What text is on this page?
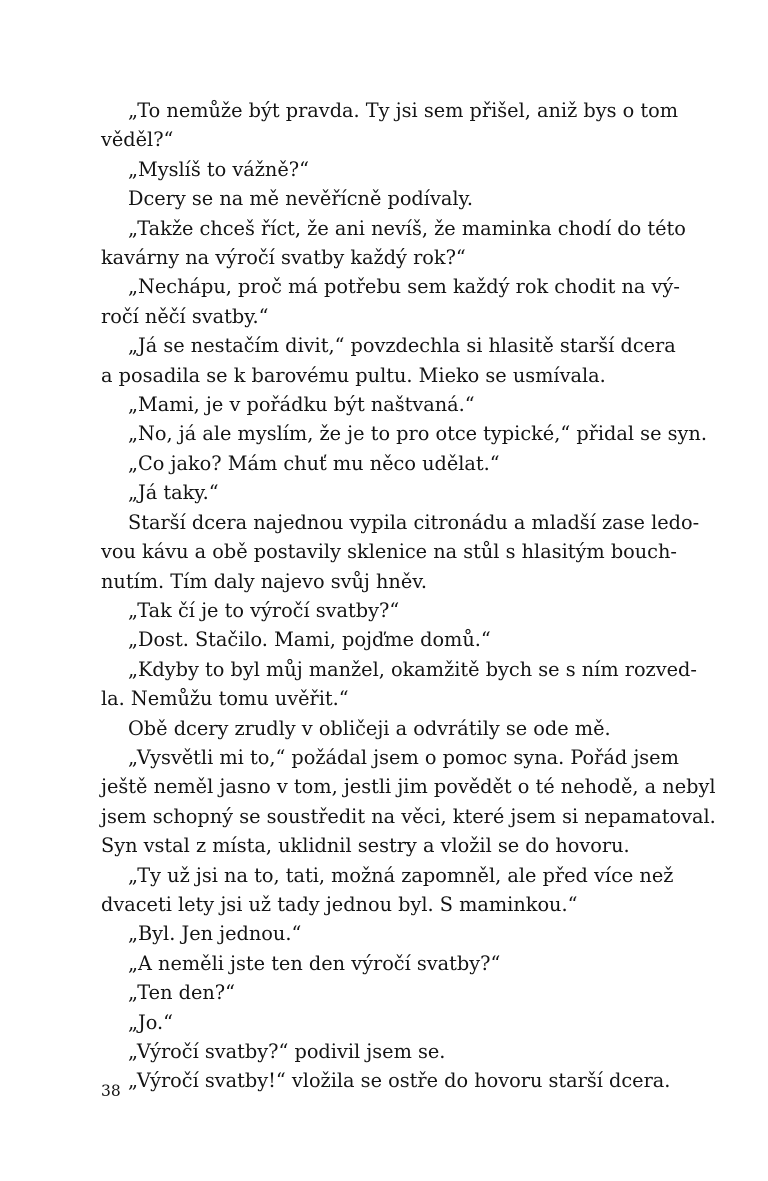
„To nemůže být pravda. Ty jsi sem přišel, aniž bys o tom
věděl?“
„Myslíš to vážně?“
Dcery se na mě nevěřícně podívaly.
„Takže chceš říct, že ani nevíš, že maminka chodí do této
kavárny na výročí svatby každý rok?“
„Nechápu, proč má potřebu sem každý rok chodit na vý-
ročí něčí svatby.“
„Já se nestačím divit,“ povzdechla si hlasitě starší dcera
a posadila se k barovému pultu. Mieko se usmívala.
„Mami, je v pořádku být naštvaná.“
„No, já ale myslím, že je to pro otce typické,“ přidal se syn.
„Co jako? Mám chuť mu něco udělat.“
„Já taky.“
Starší dcera najednou vypila citronádu a mladší zase ledo-
vou kávu a obě postavily sklenice na stůl s hlasitým bouch-
nutím. Tím daly najevo svůj hněv.
„Tak čí je to výročí svatby?“
„Dost. Stačilo. Mami, pojďme domů.“
„Kdyby to byl můj manžel, okamžitě bych se s ním rozved-
la. Nemůžu tomu uvěřit.“
Obě dcery zrudly v obličeji a odvrátily se ode mě.
„Vysvětli mi to,“ požádal jsem o pomoc syna. Pořád jsem
ještě neměl jasno v tom, jestli jim povědět o té nehodě, a nebyl
jsem schopný se soustředit na věci, které jsem si nepamatoval.
Syn vstal z místa, uklidnil sestry a vložil se do hovoru.
„Ty už jsi na to, tati, možná zapomněl, ale před více než
dvaceti lety jsi už tady jednou byl. S maminkou.“
„Byl. Jen jednou.“
„A neměli jste ten den výročí svatby?“
„Ten den?“
„Jo.“
„Výročí svatby?“ podivil jsem se.
„Výročí svatby!“ vložila se ostře do hovoru starší dcera.
38
